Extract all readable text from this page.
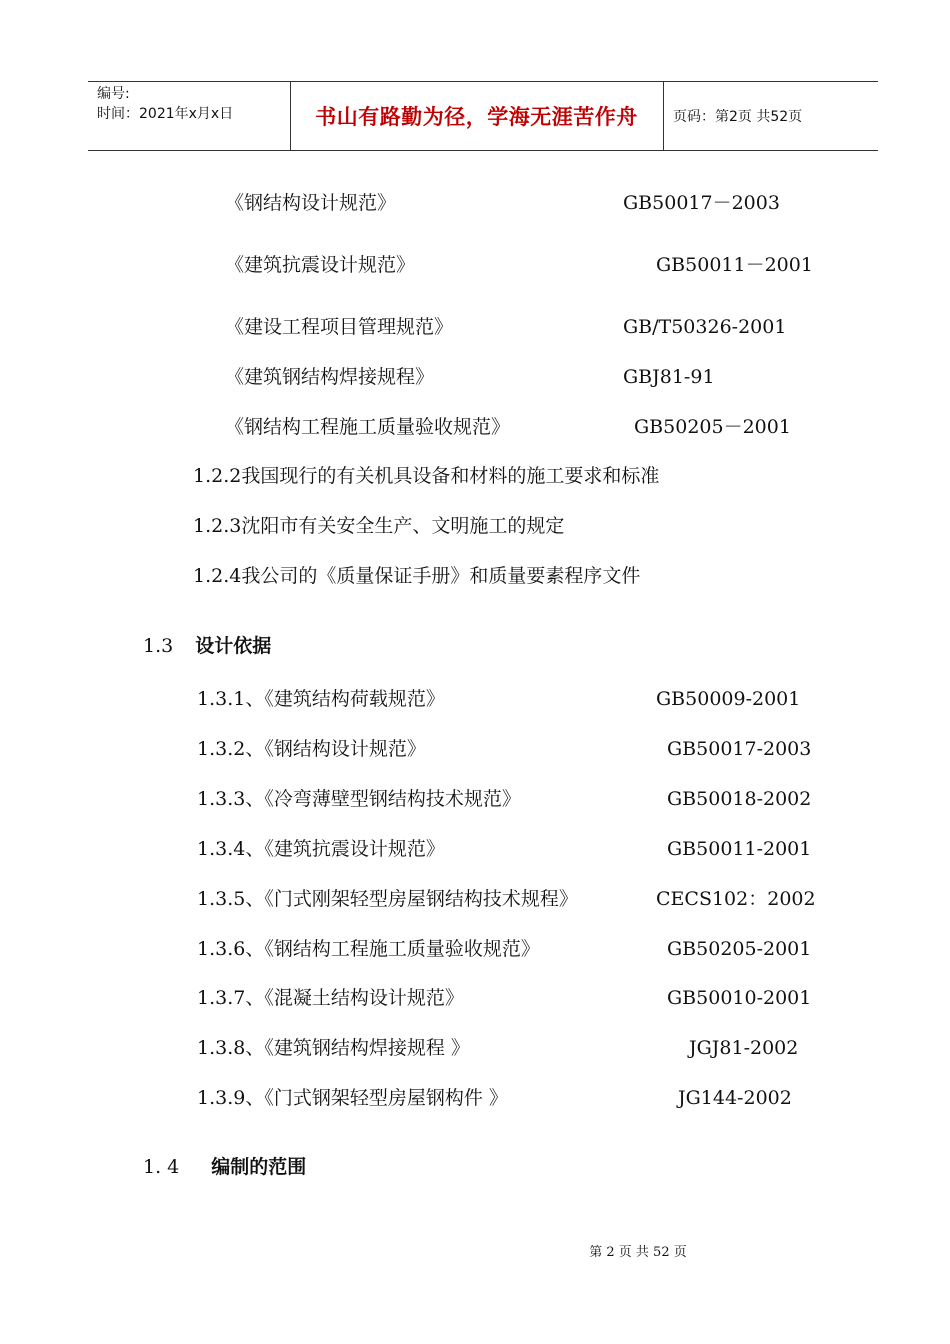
编号:
时间：2021年x月x日	书山有路勤为径，学海无涯苦作舟	页码：第2页 共52页
《钢结构设计规范》	GB50017－2003
《建筑抗震设计规范》	GB50011－2001
《建设工程项目管理规范》	GB/T50326-2001
《建筑钢结构焊接规程》	GBJ81-91
《钢结构工程施工质量验收规范》	GB50205－2001
1.2.2我国现行的有关机具设备和材料的施工要求和标准
1.2.3沈阳市有关安全生产、文明施工的规定
1.2.4我公司的《质量保证手册》和质量要素程序文件
1.3 设计依据
1.3.1、《建筑结构荷载规范》	GB50009-2001
1.3.2、《钢结构设计规范》	GB50017-2003
1.3.3、《冷弯薄壁型钢结构技术规范》	GB50018-2002
1.3.4、《建筑抗震设计规范》	GB50011-2001
1.3.5、《门式刚架轻型房屋钢结构技术规程》	CECS102：2002
1.3.6、《钢结构工程施工质量验收规范》	GB50205-2001
1.3.7、《混凝土结构设计规范》	GB50010-2001
1.3.8、《建筑钢结构焊接规程 》	JGJ81-2002
1.3.9、《门式钢架轻型房屋钢构件 》	JG144-2002
1. 4 编制的范围
第 2 页 共 52 页
